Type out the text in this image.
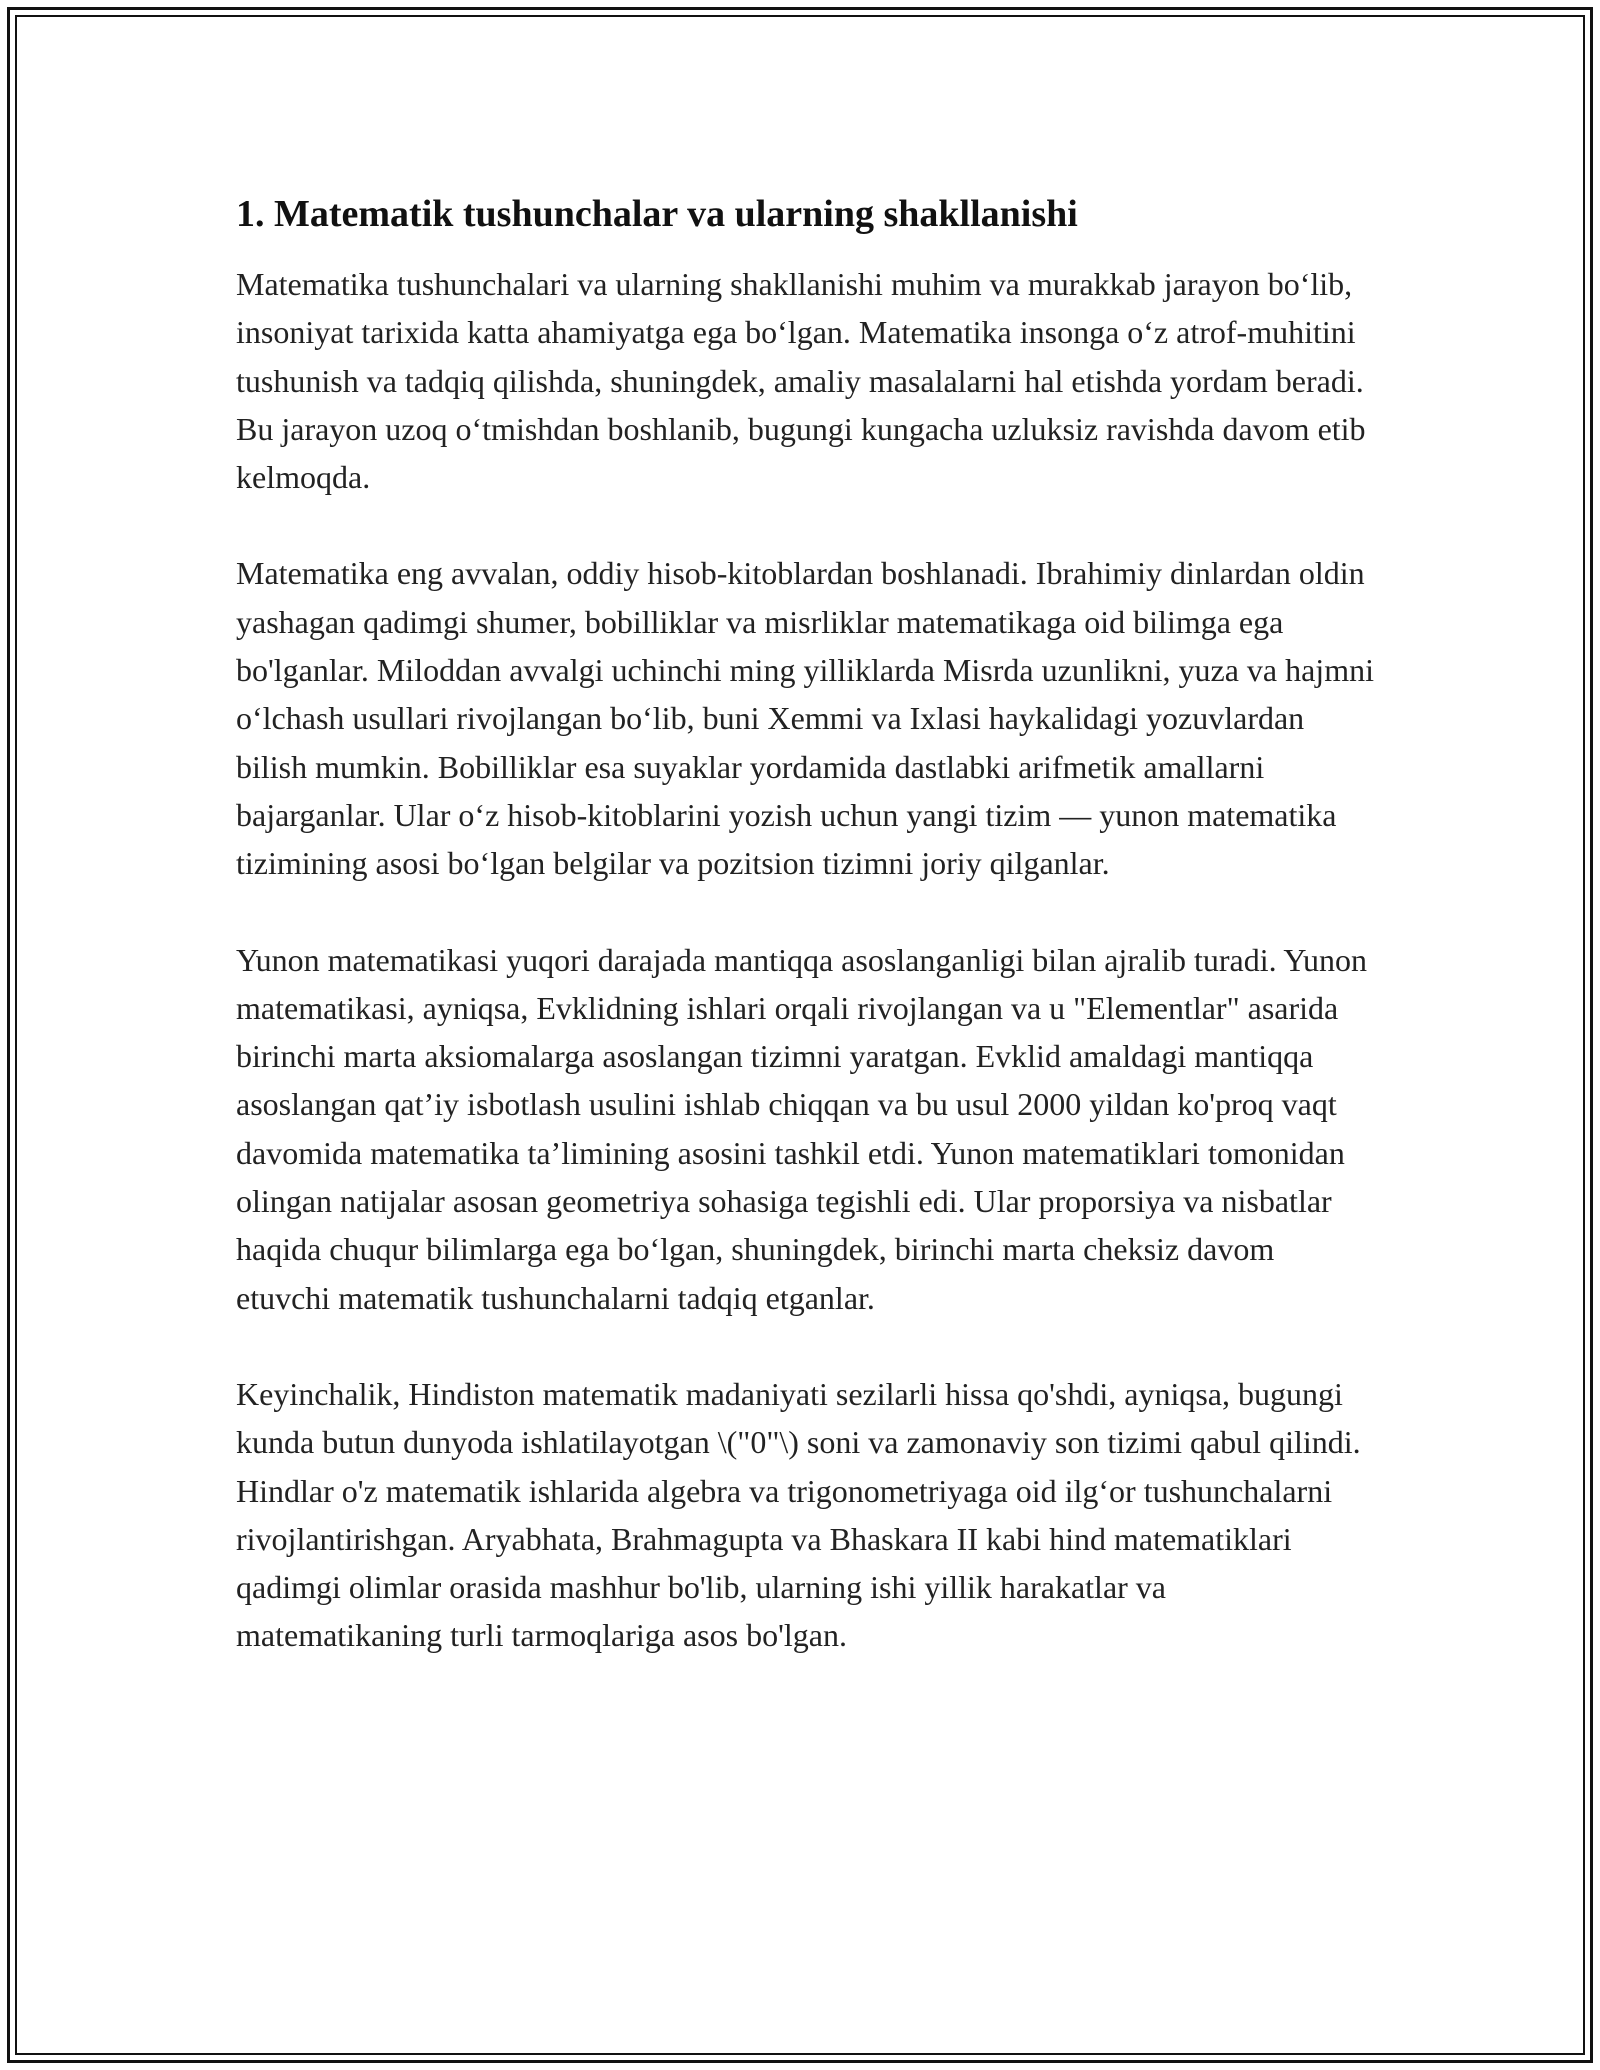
1. Matematik tushunchalar va ularning shakllanishi

Matematika tushunchalari va ularning shakllanishi muhim va murakkab jarayon bo‘lib, insoniyat tarixida katta ahamiyatga ega bo‘lgan. Matematika insonga o‘z atrof-muhitini tushunish va tadqiq qilishda, shuningdek, amaliy masalalarni hal etishda yordam beradi. Bu jarayon uzoq o‘tmishdan boshlanib, bugungi kungacha uzluksiz ravishda davom etib kelmoqda.

Matematika eng avvalan, oddiy hisob-kitoblardan boshlanadi. Ibrahimiy dinlardan oldin yashagan qadimgi shumer, bobilliklar va misrliklar matematikaga oid bilimga ega bo'lganlar. Miloddan avvalgi uchinchi ming yilliklarda Misrda uzunlikni, yuza va hajmni o‘lchash usullari rivojlangan bo‘lib, buni Xemmi va Ixlasi haykalidagi yozuvlardan bilish mumkin. Bobilliklar esa suyaklar yordamida dastlabki arifmetik amallarni bajarganlar. Ular o‘z hisob-kitoblarini yozish uchun yangi tizim — yunon matematika tizimining asosi bo‘lgan belgilar va pozitsion tizimni joriy qilganlar.

Yunon matematikasi yuqori darajada mantiqqa asoslanganligi bilan ajralib turadi. Yunon matematikasi, ayniqsa, Evklidning ishlari orqali rivojlangan va u "Elementlar" asarida birinchi marta aksiomalarga asoslangan tizimni yaratgan. Evklid amaldagi mantiqqa asoslangan qat’iy isbotlash usulini ishlab chiqqan va bu usul 2000 yildan ko'proq vaqt davomida matematika ta’limining asosini tashkil etdi. Yunon matematiklari tomonidan olingan natijalar asosan geometriya sohasiga tegishli edi. Ular proporsiya va nisbatlar haqida chuqur bilimlarga ega bo‘lgan, shuningdek, birinchi marta cheksiz davom etuvchi matematik tushunchalarni tadqiq etganlar.

Keyinchalik, Hindiston matematik madaniyati sezilarli hissa qo'shdi, ayniqsa, bugungi kunda butun dunyoda ishlatilayotgan \("0"\) soni va zamonaviy son tizimi qabul qilindi. Hindlar o'z matematik ishlarida algebra va trigonometriyaga oid ilg‘or tushunchalarni rivojlantirishgan. Aryabhata, Brahmagupta va Bhaskara II kabi hind matematiklari qadimgi olimlar orasida mashhur bo'lib, ularning ishi yillik harakatlar va matematikaning turli tarmoqlariga asos bo'lgan.
